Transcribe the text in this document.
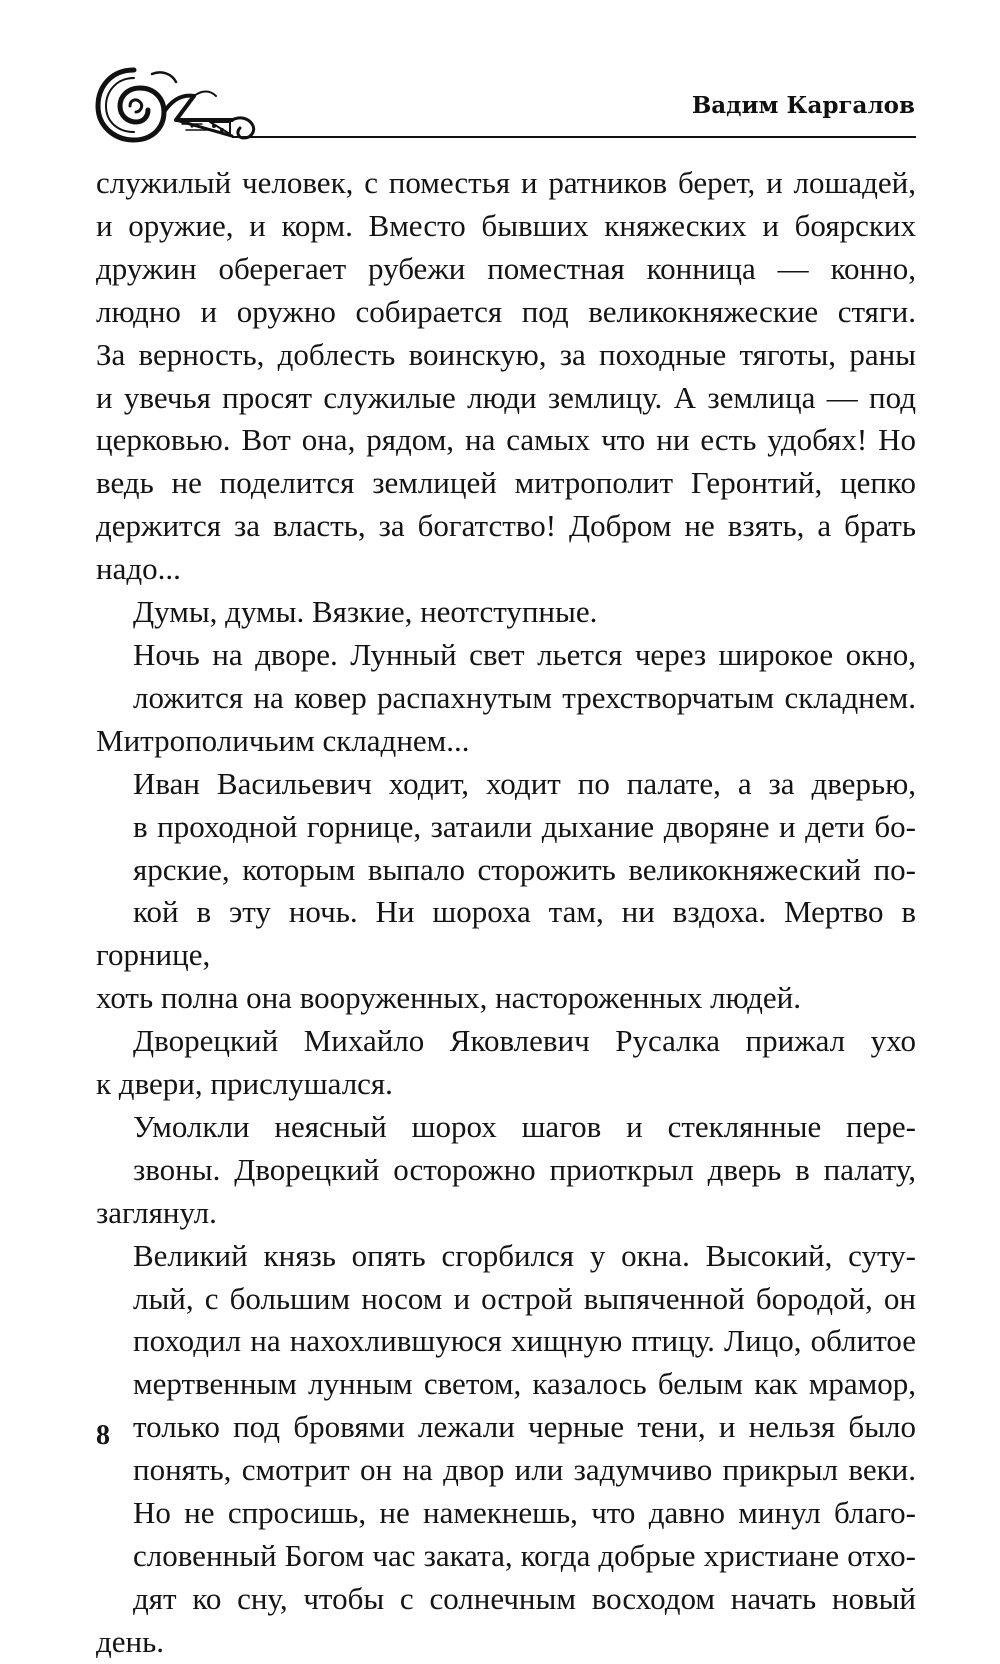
Вадим Каргалов

служилый человек, с поместья и ратников берет, и лошадей,
и оружие, и корм. Вместо бывших княжеских и боярских
дружин оберегает рубежи поместная конница — конно,
людно и оружно собирается под великокняжеские стяги.
За верность, доблесть воинскую, за походные тяготы, раны
и увечья просят служилые люди землицу. А землица — под
церковью. Вот она, рядом, на самых что ни есть удобях! Но
ведь не поделится землицей митрополит Геронтий, цепко
держится за власть, за богатство! Добром не взять, а брать

надо...

Думы, думы. Вязкие, неотступные.

Ночь на дворе. Лунный свет льется через широкое окно,
ложится на ковер распахнутым трехстворчатым складнем.

Митрополичьим складнем...

Иван Васильевич ходит, ходит по палате, а за дверью,
в проходной горнице, затаили дыхание дворяне и дети бо-
ярские, которым выпало сторожить великокняжеский по-
кой в эту ночь. Ни шороха там, ни вздоха. Мертво в горнице,

хоть полна она вооруженных, настороженных людей.

Дворецкий Михайло Яковлевич Русалка прижал ухо

к двери, прислушался.

Умолкли неясный шорох шагов и стеклянные пере-
звоны. Дворецкий осторожно приоткрыл дверь в палату,

заглянул.

Великий князь опять сгорбился у окна. Высокий, суту-
лый, с большим носом и острой выпяченной бородой, он
походил на нахохлившуюся хищную птицу. Лицо, облитое
мертвенным лунным светом, казалось белым как мрамор,
только под бровями лежали черные тени, и нельзя было
понять, смотрит он на двор или задумчиво прикрыл веки.

Но не спросишь, не намекнешь, что давно минул благо-
словенный Богом час заката, когда добрые христиане отхо-
дят ко сну, чтобы с солнечным восходом начать новый день.

8
